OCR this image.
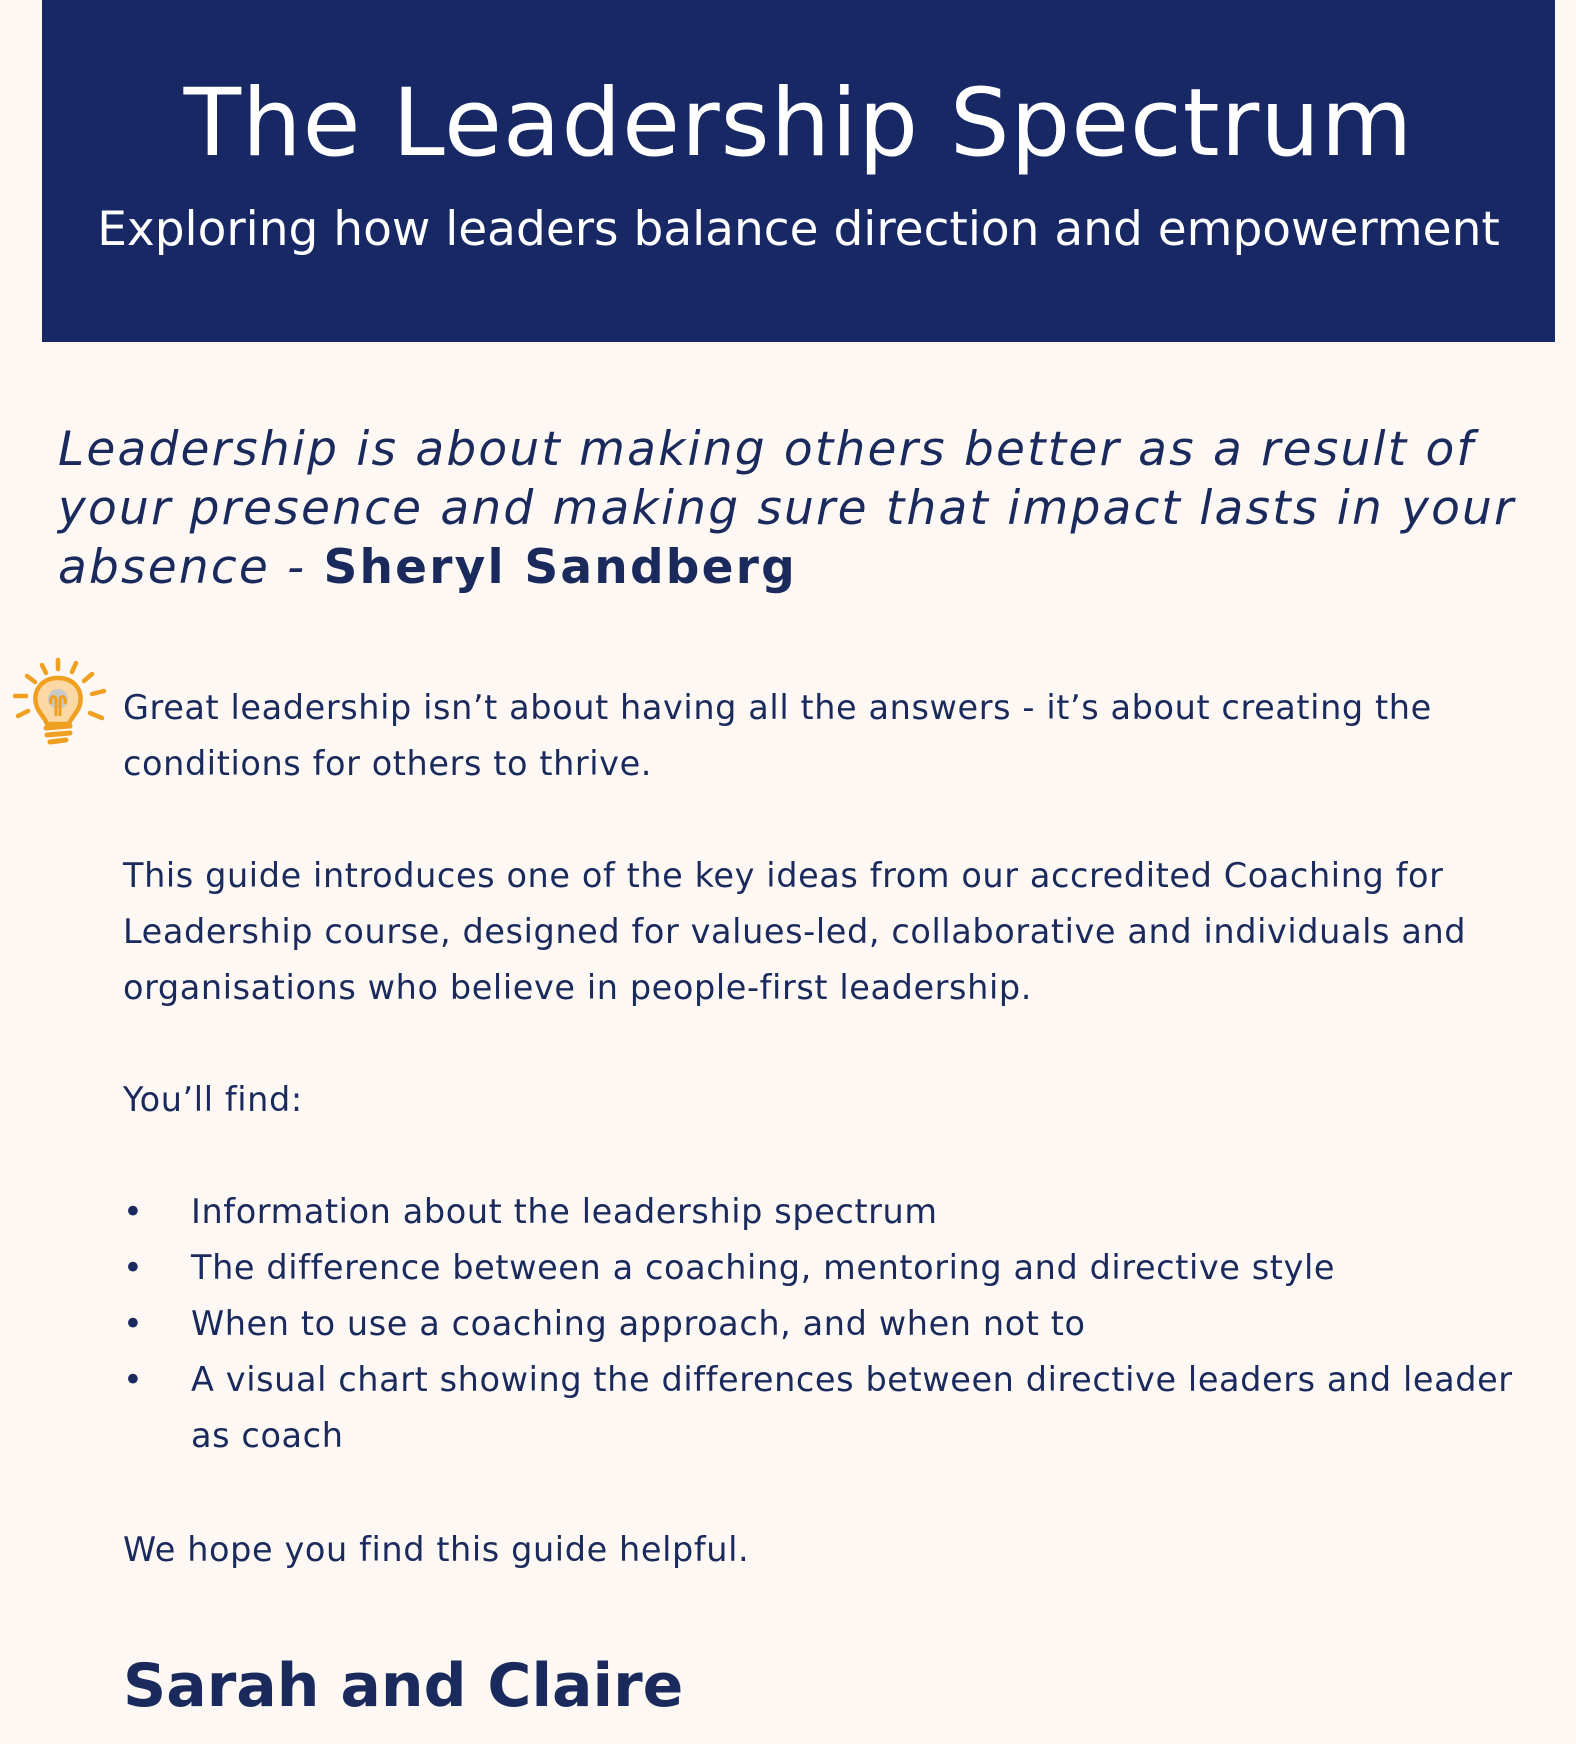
The Leadership Spectrum
Exploring how leaders balance direction and empowerment
Leadership is about making others better as a result of your presence and making sure that impact lasts in your absence - Sheryl Sandberg
Great leadership isn’t about having all the answers - it’s about creating the conditions for others to thrive.
This guide introduces one of the key ideas from our accredited Coaching for Leadership course, designed for values-led, collaborative and individuals and organisations who believe in people-first leadership.
You’ll find:
• Information about the leadership spectrum
• The difference between a coaching, mentoring and directive style
• When to use a coaching approach, and when not to
• A visual chart showing the differences between directive leaders and leader as coach
We hope you find this guide helpful.
Sarah and Claire
